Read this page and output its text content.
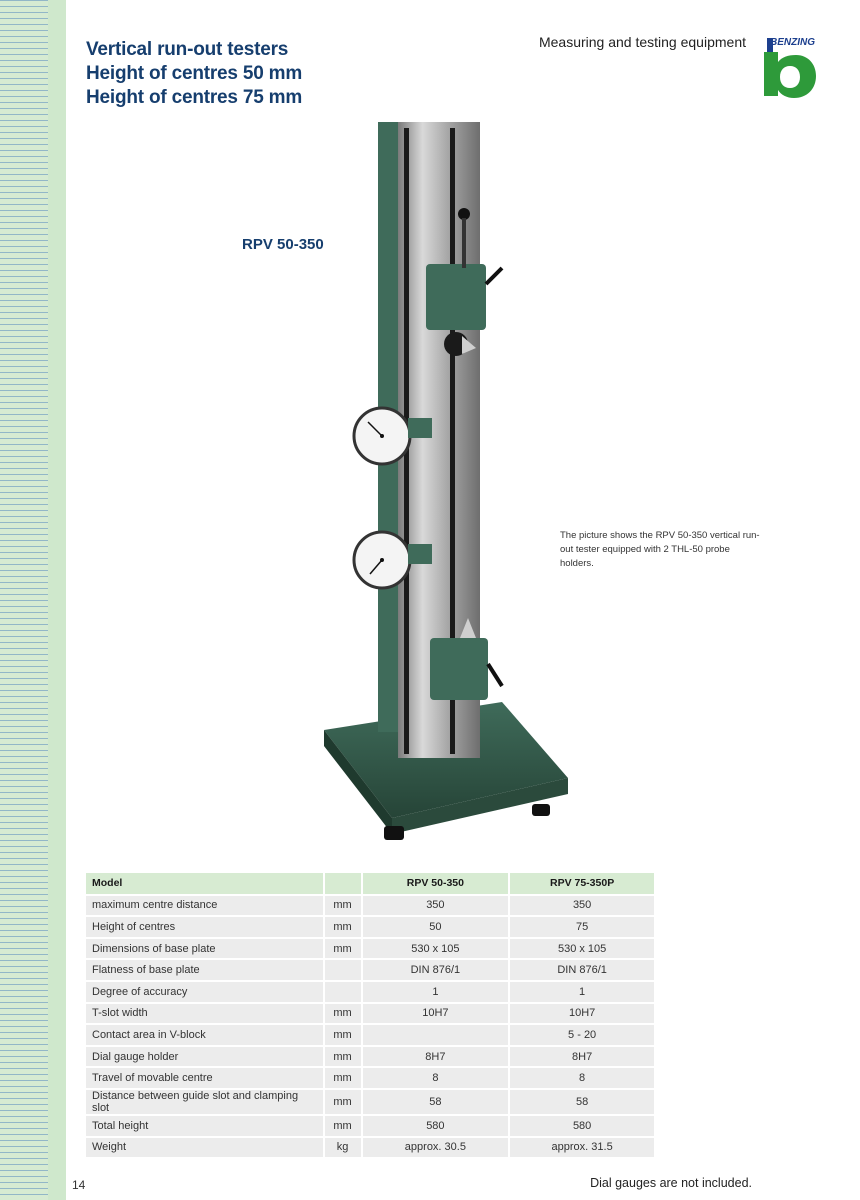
Vertical run-out testers
Height of centres 50 mm
Height of centres 75 mm
Measuring and testing equipment BENZING
RPV 50-350
The picture shows the RPV 50-350 vertical run-out tester equipped with 2 THL-50 probe holders.
Model		RPV 50-350	RPV 75-350P
maximum centre distance	mm	350	350
Height of centres	mm	50	75
Dimensions of base plate	mm	530 x 105	530 x 105
Flatness of base plate		DIN 876/1	DIN 876/1
Degree of accuracy		1	1
T-slot width	mm	10H7	10H7
Contact area in V-block	mm		5 - 20
Dial gauge holder	mm	8H7	8H7
Travel of movable centre	mm	8	8
Distance between guide slot and clamping slot	mm	58	58
Total height	mm	580	580
Weight	kg	approx. 30.5	approx. 31.5
14	Dial gauges are not included.
